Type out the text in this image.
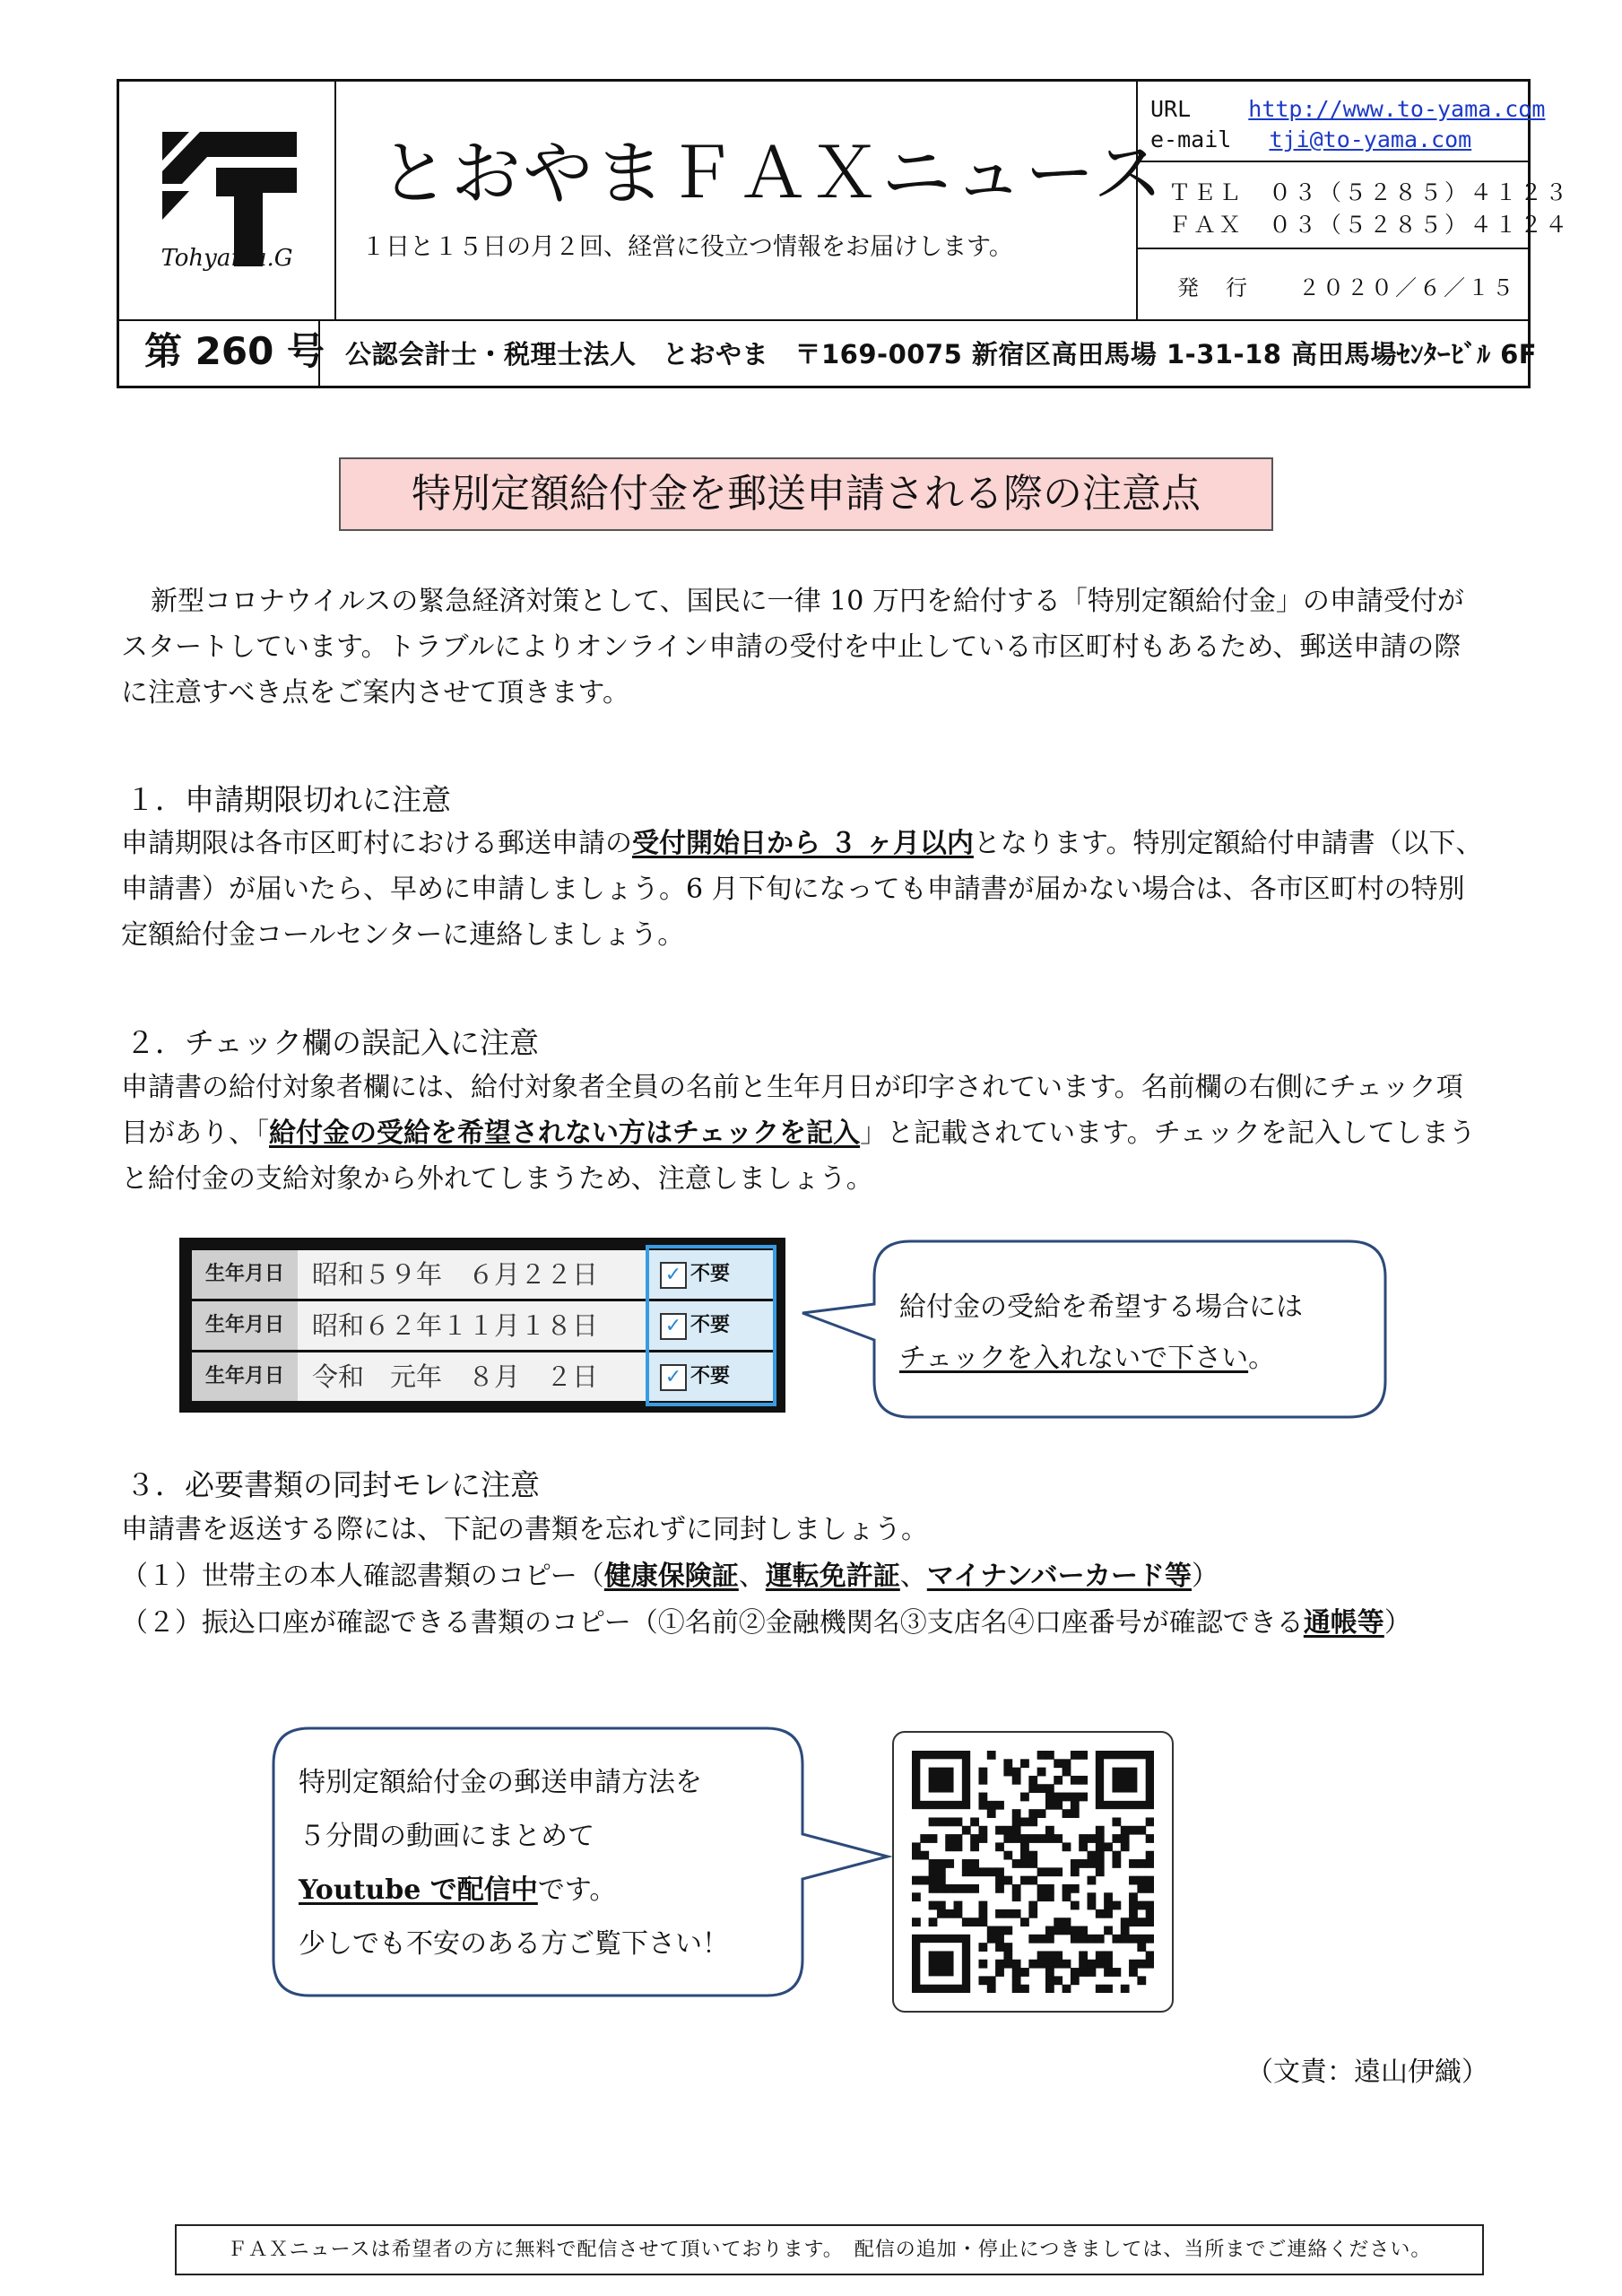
Tohyama.G
とおやまＦＡＸニュース
１日と１５日の月２回、経営に役立つ情報をお届けします。
URL	http://www.to-yama.com
e-mail tji@to-yama.com
ＴＥＬ　０３（５２８５）４１２３
ＦＡＸ　０３（５２８５）４１２４
発　行　　２０２０／６／１５
第 260 号 公認会計士・税理士法人　とおやま　〒169-0075 新宿区高田馬場 1-31-18 高田馬場ｾﾝﾀｰﾋﾞﾙ 6F
特別定額給付金を郵送申請される際の注意点
新型コロナウイルスの緊急経済対策として、国民に一律 10 万円を給付する「特別定額給付金」の申請受付が
スタートしています。トラブルによりオンライン申請の受付を中止している市区町村もあるため、郵送申請の際
に注意すべき点をご案内させて頂きます。
１．申請期限切れに注意
申請期限は各市区町村における郵送申請の受付開始日から ３ ヶ月以内となります。特別定額給付申請書（以下、
申請書）が届いたら、早めに申請しましょう。6 月下旬になっても申請書が届かない場合は、各市区町村の特別
定額給付金コールセンターに連絡しましょう。
２．チェック欄の誤記入に注意
申請書の給付対象者欄には、給付対象者全員の名前と生年月日が印字されています。名前欄の右側にチェック項
目があり、「給付金の受給を希望されない方はチェックを記入」と記載されています。チェックを記入してしまう
と給付金の支給対象から外れてしまうため、注意しましょう。
生年月日	昭和５９年　６月２２日	✓ 不要
生年月日	昭和６２年１１月１８日	✓ 不要
生年月日	令和　元年　８月　２日	✓ 不要
給付金の受給を希望する場合には
チェックを入れないで下さい。
３．必要書類の同封モレに注意
申請書を返送する際には、下記の書類を忘れずに同封しましょう。
（１）世帯主の本人確認書類のコピー（健康保険証、運転免許証、マイナンバーカード等）
（２）振込口座が確認できる書類のコピー（①名前②金融機関名③支店名④口座番号が確認できる通帳等）
特別定額給付金の郵送申請方法を
５分間の動画にまとめて
Youtube で配信中です。
少しでも不安のある方ご覧下さい！
（文責：遠山伊織）
ＦＡＸニュースは希望者の方に無料で配信させて頂いております。　配信の追加・停止につきましては、当所までご連絡ください。
